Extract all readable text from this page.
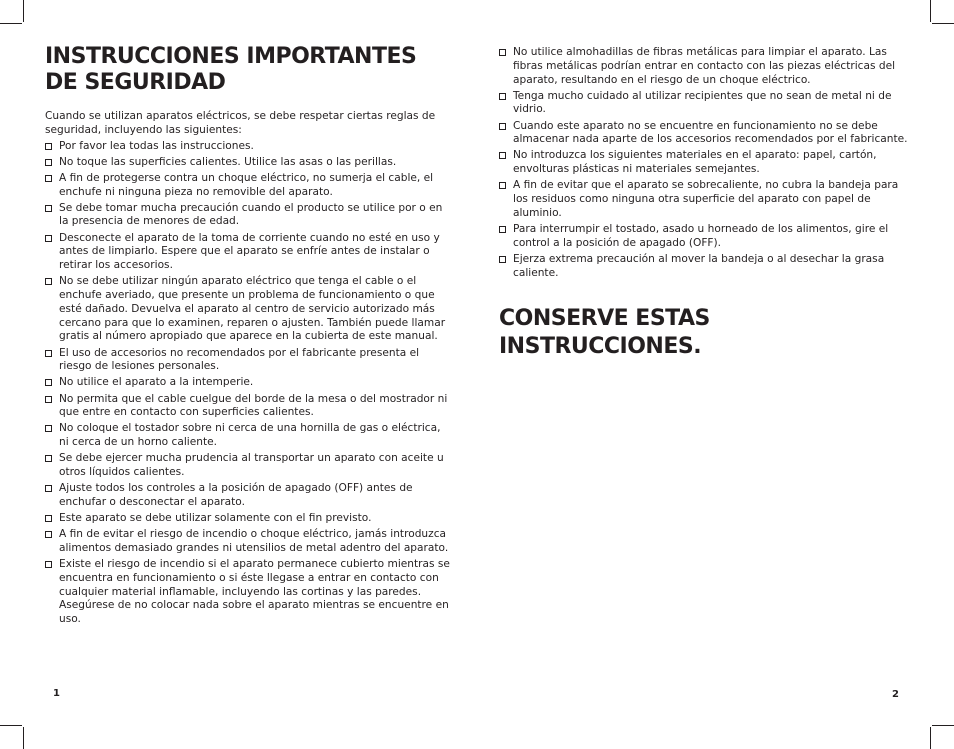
INSTRUCCIONES IMPORTANTES
DE SEGURIDAD

Cuando se utilizan aparatos eléctricos, se debe respetar ciertas reglas de seguridad, incluyendo las siguientes:

Por favor lea todas las instrucciones.
No toque las superficies calientes. Utilice las asas o las perillas.
A fin de protegerse contra un choque eléctrico, no sumerja el cable, el enchufe ni ninguna pieza no removible del aparato.
Se debe tomar mucha precaución cuando el producto se utilice por o en la presencia de menores de edad.
Desconecte el aparato de la toma de corriente cuando no esté en uso y antes de limpiarlo. Espere que el aparato se enfríe antes de instalar o retirar los accesorios.
No se debe utilizar ningún aparato eléctrico que tenga el cable o el enchufe averiado, que presente un problema de funcionamiento o que esté dañado. Devuelva el aparato al centro de servicio autorizado más cercano para que lo examinen, reparen o ajusten. También puede llamar gratis al número apropiado que aparece en la cubierta de este manual.
El uso de accesorios no recomendados por el fabricante presenta el riesgo de lesiones personales.
No utilice el aparato a la intemperie.
No permita que el cable cuelgue del borde de la mesa o del mostrador ni que entre en contacto con superficies calientes.
No coloque el tostador sobre ni cerca de una hornilla de gas o eléctrica, ni cerca de un horno caliente.
Se debe ejercer mucha prudencia al transportar un aparato con aceite u otros líquidos calientes.
Ajuste todos los controles a la posición de apagado (OFF) antes de enchufar o desconectar el aparato.
Este aparato se debe utilizar solamente con el fin previsto.
A fin de evitar el riesgo de incendio o choque eléctrico, jamás introduzca alimentos demasiado grandes ni utensilios de metal adentro del aparato.
Existe el riesgo de incendio si el aparato permanece cubierto mientras se encuentra en funcionamiento o si éste llegase a entrar en contacto con cualquier material inflamable, incluyendo las cortinas y las paredes. Asegúrese de no colocar nada sobre el aparato mientras se encuentre en uso.
1
No utilice almohadillas de fibras metálicas para limpiar el aparato. Las fibras metálicas podrían entrar en contacto con las piezas eléctricas del aparato, resultando en el riesgo de un choque eléctrico.
Tenga mucho cuidado al utilizar recipientes que no sean de metal ni de vidrio.
Cuando este aparato no se encuentre en funcionamiento no se debe almacenar nada aparte de los accesorios recomendados por el fabricante.
No introduzca los siguientes materiales en el aparato: papel, cartón, envolturas plásticas ni materiales semejantes.
A fin de evitar que el aparato se sobrecaliente, no cubra la bandeja para los residuos como ninguna otra superficie del aparato con papel de aluminio.
Para interrumpir el tostado, asado u horneado de los alimentos, gire el control a la posición de apagado (OFF).
Ejerza extrema precaución al mover la bandeja o al desechar la grasa caliente.
CONSERVE ESTAS
INSTRUCCIONES.
2
